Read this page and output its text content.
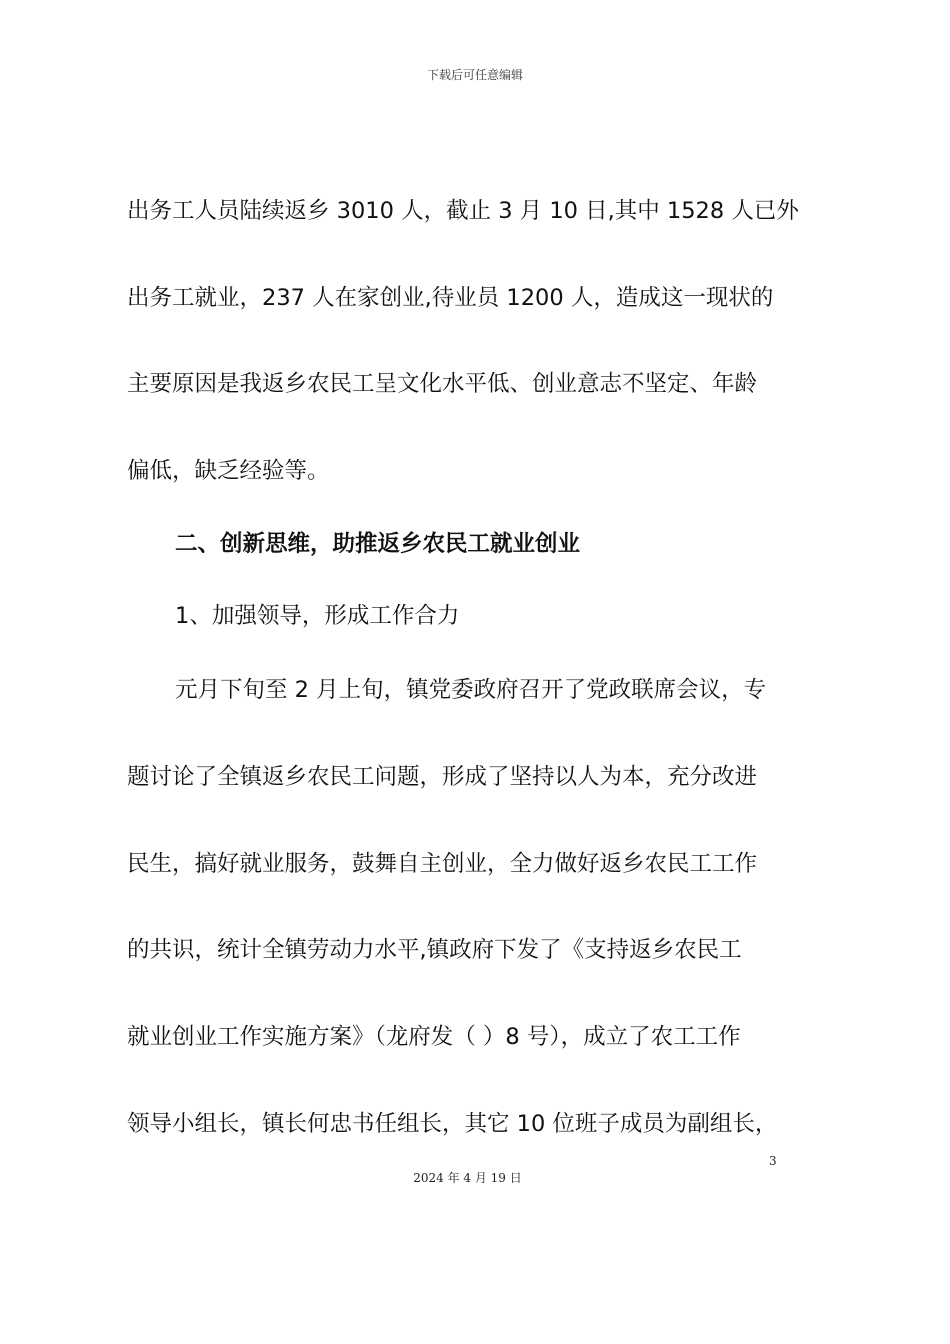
下载后可任意编辑
出务工人员陆续返乡 3010 人，截止 3 月 10 日,其中 1528 人已外
出务工就业，237 人在家创业,待业员 1200 人，造成这一现状的
主要原因是我返乡农民工呈文化水平低、创业意志不坚定、年龄
偏低，缺乏经验等。
二、创新思维，助推返乡农民工就业创业
1、加强领导，形成工作合力
元月下旬至 2 月上旬，镇党委政府召开了党政联席会议，专
题讨论了全镇返乡农民工问题，形成了坚持以人为本，充分改进
民生，搞好就业服务，鼓舞自主创业，全力做好返乡农民工工作
的共识，统计全镇劳动力水平,镇政府下发了《支持返乡农民工
就业创业工作实施方案》（龙府发（ ）8 号），成立了农工工作
领导小组长，镇长何忠书任组长，其它 10 位班子成员为副组长，
3
2024 年 4 月 19 日
